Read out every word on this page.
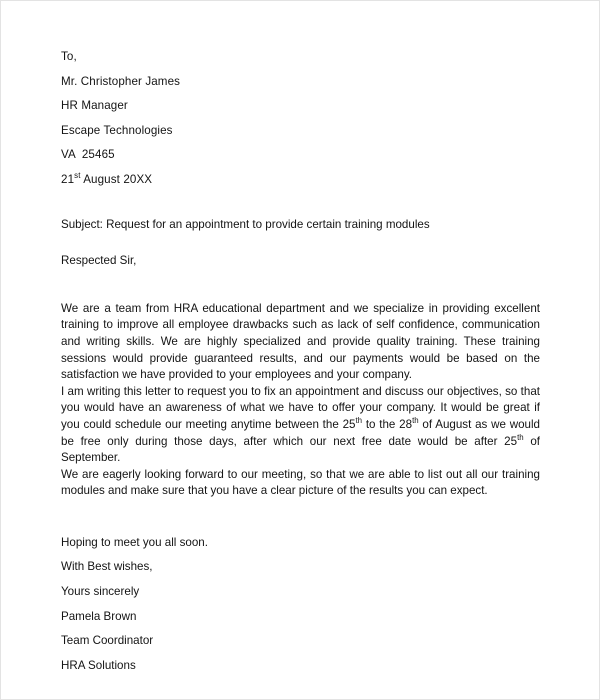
To,
Mr. Christopher James
HR Manager
Escape Technologies
VA  25465
21st August 20XX
Subject: Request for an appointment to provide certain training modules
Respected Sir,
We are a team from HRA educational department and we specialize in providing excellent training to improve all employee drawbacks such as lack of self confidence, communication and writing skills. We are highly specialized and provide quality training. These training sessions would provide guaranteed results, and our payments would be based on the satisfaction we have provided to your employees and your company.
I am writing this letter to request you to fix an appointment and discuss our objectives, so that you would have an awareness of what we have to offer your company. It would be great if you could schedule our meeting anytime between the 25th to the 28th of August as we would be free only during those days, after which our next free date would be after 25th of September.
We are eagerly looking forward to our meeting, so that we are able to list out all our training modules and make sure that you have a clear picture of the results you can expect.
Hoping to meet you all soon.
With Best wishes,
Yours sincerely
Pamela Brown
Team Coordinator
HRA Solutions
